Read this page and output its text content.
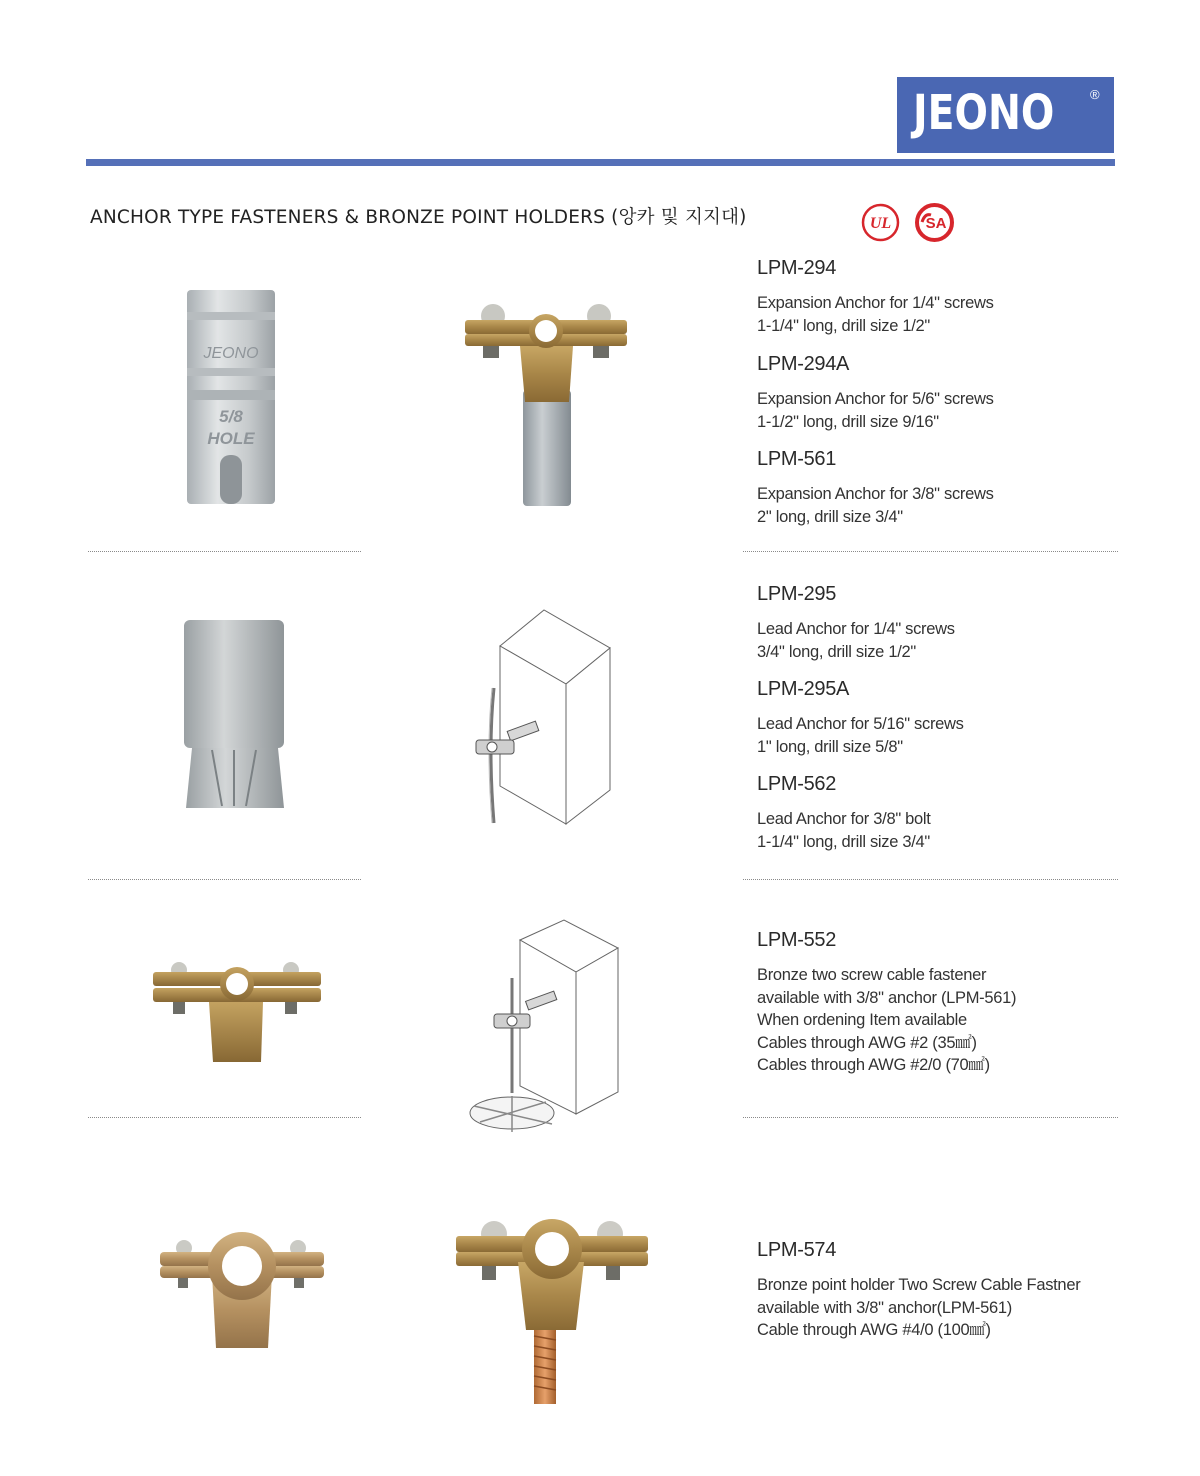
JEONO	®
ANCHOR TYPE FASTENERS & BRONZE POINT HOLDERS (앙카 및 지지대)	UL SA
JEONO
5/8
HOLE
LPM-294
Expansion Anchor for 1/4" screws
1-1/4" long, drill size 1/2"
LPM-294A
Expansion Anchor for 5/6" screws
1-1/2" long, drill size 9/16"
LPM-561
Expansion Anchor for 3/8" screws
2" long, drill size 3/4"
LPM-295
Lead Anchor for 1/4" screws
3/4" long, drill size 1/2"
LPM-295A
Lead Anchor for 5/16" screws
1" long, drill size 5/8"
LPM-562
Lead Anchor for 3/8" bolt
1-1/4" long, drill size 3/4"
LPM-552
Bronze two screw cable fastener
available with 3/8" anchor (LPM-561)
When ordening Item available
Cables through AWG #2 (35㎟)
Cables through AWG #2/0 (70㎟)
LPM-574
Bronze point holder Two Screw Cable Fastner
available with 3/8" anchor(LPM-561)
Cable through AWG #4/0 (100㎟)
